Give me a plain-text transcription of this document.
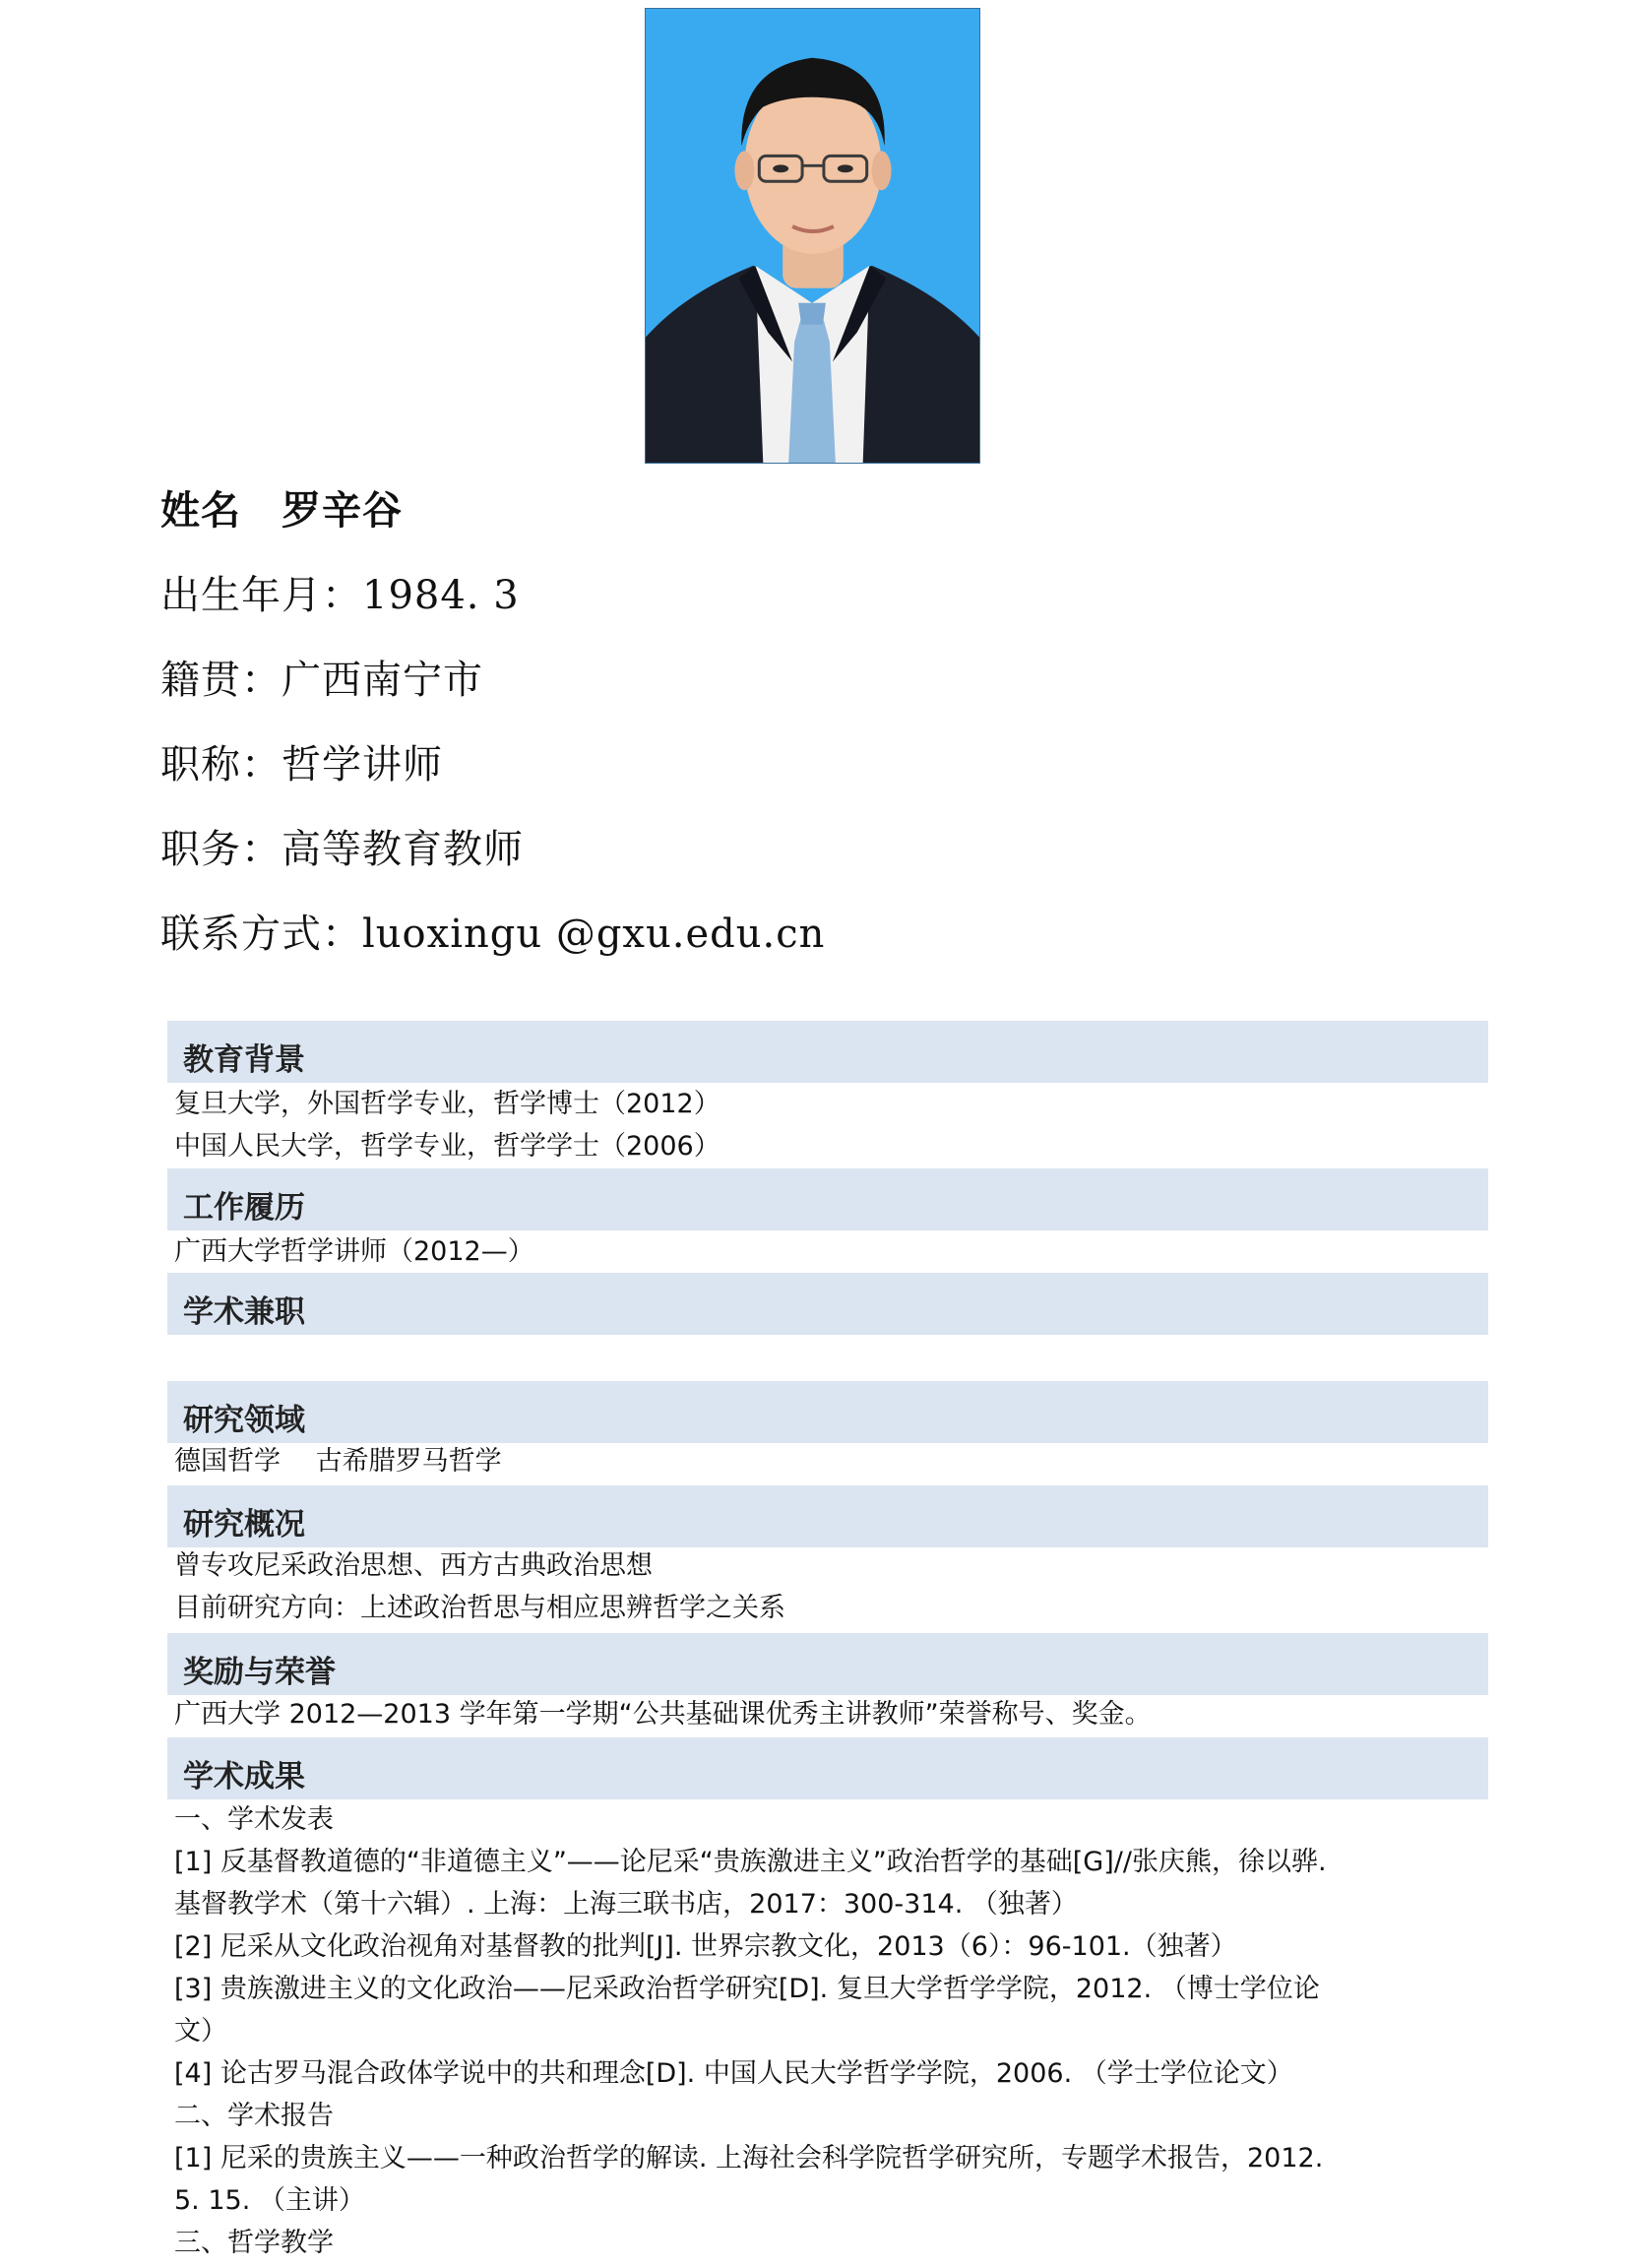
姓名　 罗辛谷
出生年月：1984. 3
籍贯：广西南宁市
职称：哲学讲师
职务：高等教育教师
联系方式：luoxingu @gxu.edu.cn
教育背景
复旦大学，外国哲学专业，哲学博士（2012）
中国人民大学，哲学专业，哲学学士（2006）
工作履历
广西大学哲学讲师（2012—）
学术兼职
研究领域
德国哲学　 古希腊罗马哲学
研究概况
曾专攻尼采政治思想、西方古典政治思想
目前研究方向：上述政治哲思与相应思辨哲学之关系
奖励与荣誉
广西大学 2012—2013 学年第一学期“公共基础课优秀主讲教师”荣誉称号、奖金。
学术成果
一、学术发表
[1] 反基督教道德的“非道德主义”——论尼采“贵族激进主义”政治哲学的基础[G]//张庆熊，徐以骅.
基督教学术（第十六辑）. 上海：上海三联书店，2017：300-314. （独著）
[2] 尼采从文化政治视角对基督教的批判[J]. 世界宗教文化，2013（6）：96-101.（独著）
[3] 贵族激进主义的文化政治——尼采政治哲学研究[D]. 复旦大学哲学学院，2012. （博士学位论
文）
[4] 论古罗马混合政体学说中的共和理念[D]. 中国人民大学哲学学院，2006. （学士学位论文）
二、学术报告
[1] 尼采的贵族主义——一种政治哲学的解读. 上海社会科学院哲学研究所，专题学术报告，2012.
5. 15. （主讲）
三、哲学教学
